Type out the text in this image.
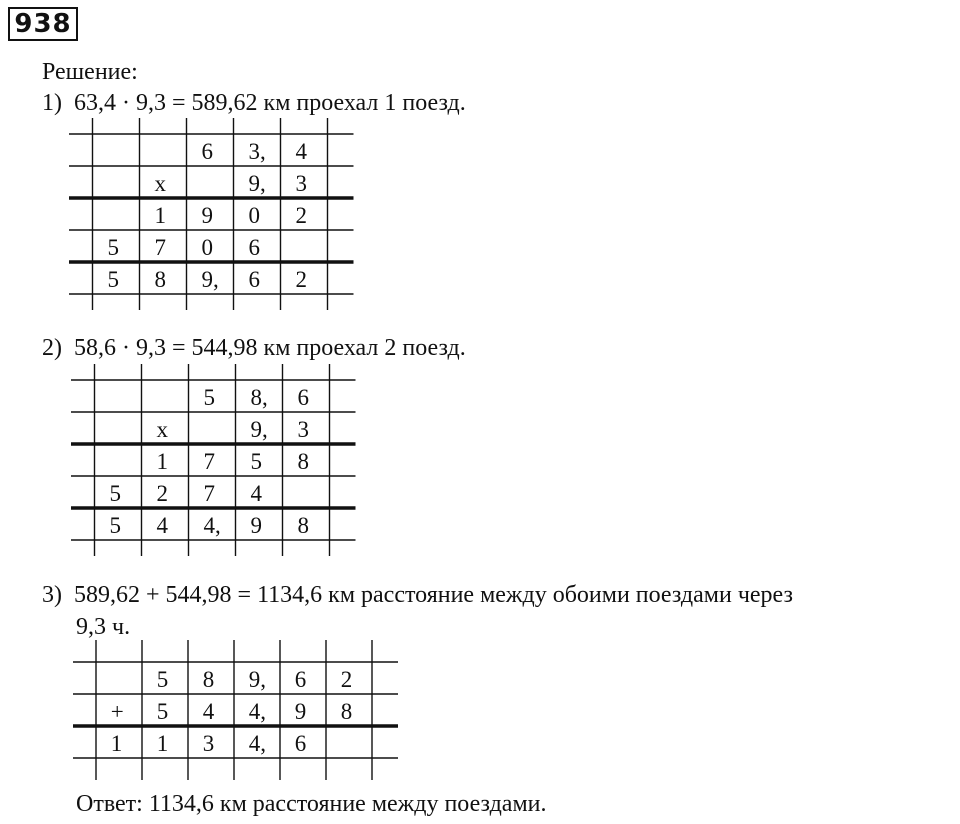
938
Решение:
1) 63,4 · 9,3 = 589,62 км проехал 1 поезд.
6 3, 4
x	9, 3
1 9 0 2
5 7 0 6
5 8 9, 6 2
2) 58,6 · 9,3 = 544,98 км проехал 2 поезд.
5 8, 6
x	9, 3
1 7 5 8
5 2 7 4
5 4 4, 9 8
3) 589,62 + 544,98 = 1134,6 км расстояние между обоими поездами через
9,3 ч.
5 8 9, 6 2
+ 5 4 4, 9 8
1 1 3 4, 6
Ответ: 1134,6 км расстояние между поездами.
